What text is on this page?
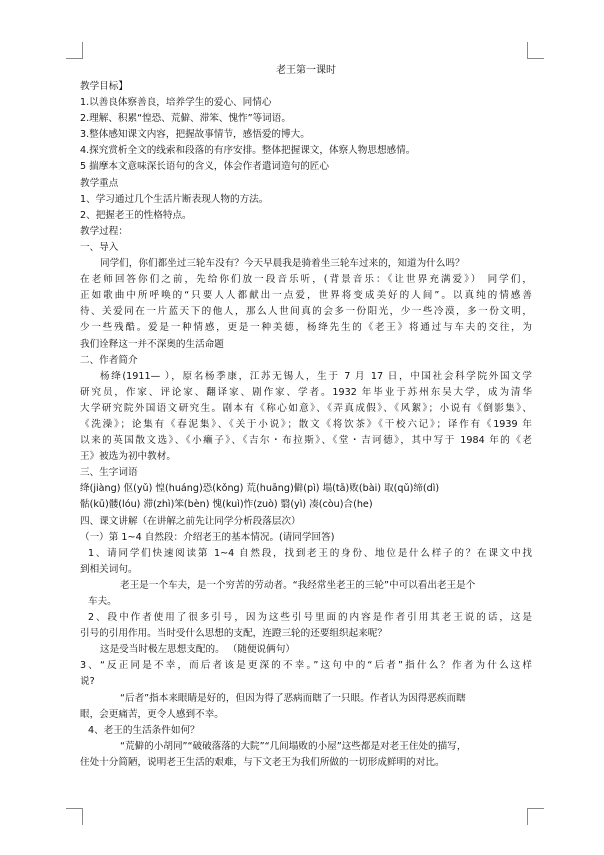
老王第一课时
教学目标】
1.以善良体察善良，培养学生的爱心、同情心
2.理解、积累“惶恐、荒僻、滞笨、愧怍”等词语。
3.整体感知课文内容，把握故事情节，感悟爱的博大。
4.探究赏析全文的线索和段落的有序安排。整体把握课文，体察人物思想感情。
5 揣摩本文意味深长语句的含义，体会作者遣词造句的匠心
教学重点
1、学习通过几个生活片断表现人物的方法。
2、把握老王的性格特点。
教学过程：
一、导入
同学们，你们都坐过三轮车没有？今天早晨我是骑着坐三轮车过来的，知道为什么吗？
在老师回答你们之前，先给你们放一段音乐听，(背景音乐：《让世界充满爱》） 同学们，
正如歌曲中所呼唤的“只要人人都献出一点爱，世界将变成美好的人间”。以真纯的情感善
待、关爱同在一片蓝天下的他人，那么人世间真的会多一份阳光，少一些冷漠，多一份文明，
少一些残酷。爱是一种情感，更是一种美德，杨绛先生的《老王》将通过与车夫的交往，为
我们诠释这一并不深奥的生活命题
二、作者简介
杨绛(1911— ），原名杨季康，江苏无锡人，生于 7 月 17 日，中国社会科学院外国文学
研究员，作家、评论家、翻译家、剧作家、学者。1932 年毕业于苏州东吴大学，成为清华
大学研究院外国语文研究生。剧本有《称心如意》、《弄真成假》、《风絮》；小说有《倒影集》、
《洗澡》；论集有《春泥集》、《关于小说》；散文《将饮茶》《干校六记》；译作有《1939 年
以来的英国散文选》、《小癞子》、《吉尔・布拉斯》、《堂・吉诃德》，其中写于 1984 年的《老
王》被选为初中教材。
三、生字词语
绛(jiàng) 伛(yǔ) 惶(huáng)恐(kǒng) 荒(huāng)僻(pì) 塌(tā)败(bài) 取(qǔ)缔(dì)
骷(kū)髅(lóu) 滞(zhì)笨(bèn) 愧(kuì)怍(zuò) 翳(yì) 凑(còu)合(he)
四、课文讲解（在讲解之前先让同学分析段落层次）
（一）第 1~4 自然段：介绍老王的基本情况。(请同学回答)
1、请同学们快速阅读第 1~4 自然段，找到老王的身份、地位是什么样子的？在课文中找
到相关词句。
老王是一个车夫，是一个穷苦的劳动者。“我经常坐老王的三轮”中可以看出老王是个
车夫。
2、段中作者使用了很多引号，因为这些引号里面的内容是作者引用其老王说的话，这是
引号的引用作用。当时受什么思想的支配，连蹬三轮的还要组织起来呢？
这是受当时极左思想支配的。 （随便说俩句）
3、“反正同是不幸，而后者该是更深的不幸。”这句中的“后者”指什么？作者为什么这样
说?
“后者”指本来眼睛是好的，但因为得了恶病而瞎了一只眼。作者认为因得恶疾而瞎
眼，会更痛苦，更令人感到不幸。
4、老王的生活条件如何？
“荒僻的小胡同”“破破落落的大院”“几间塌败的小屋”这些都是对老王住处的描写，
住处十分简陋，说明老王生活的艰难，与下文老王为我们所做的一切形成鲜明的对比。
